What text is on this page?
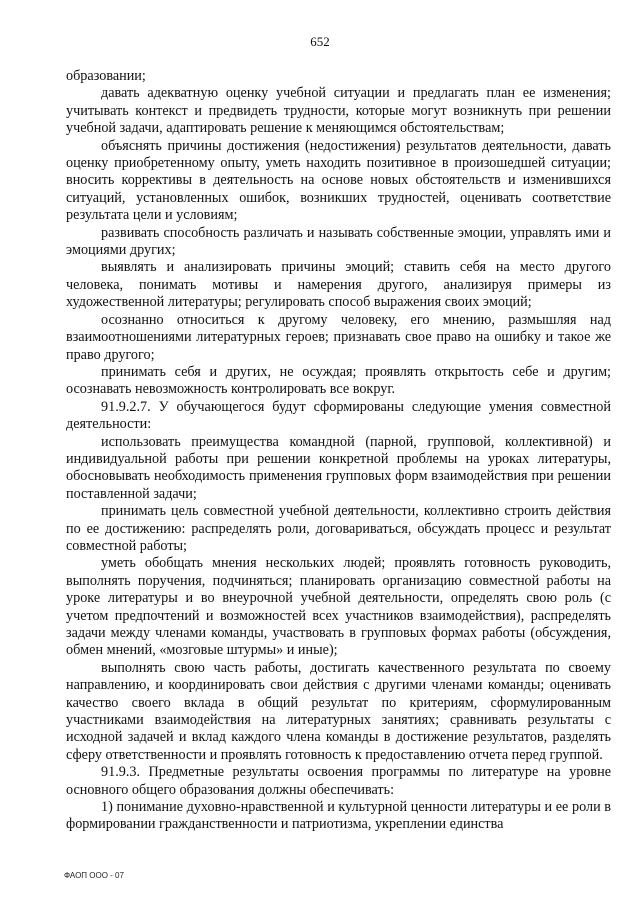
652

образовании;

давать адекватную оценку учебной ситуации и предлагать план ее изменения; учитывать контекст и предвидеть трудности, которые могут возникнуть при решении учебной задачи, адаптировать решение к меняющимся обстоятельствам;

объяснять причины достижения (недостижения) результатов деятельности, давать оценку приобретенному опыту, уметь находить позитивное в произошедшей ситуации; вносить коррективы в деятельность на основе новых обстоятельств и изменившихся ситуаций, установленных ошибок, возникших трудностей, оценивать соответствие результата цели и условиям;

развивать способность различать и называть собственные эмоции, управлять ими и эмоциями других;

выявлять и анализировать причины эмоций; ставить себя на место другого человека, понимать мотивы и намерения другого, анализируя примеры из художественной литературы; регулировать способ выражения своих эмоций;

осознанно относиться к другому человеку, его мнению, размышляя над взаимоотношениями литературных героев; признавать свое право на ошибку и такое же право другого;

принимать себя и других, не осуждая; проявлять открытость себе и другим; осознавать невозможность контролировать все вокруг.

91.9.2.7. У обучающегося будут сформированы следующие умения совместной деятельности:

использовать преимущества командной (парной, групповой, коллективной) и индивидуальной работы при решении конкретной проблемы на уроках литературы, обосновывать необходимость применения групповых форм взаимодействия при решении поставленной задачи;

принимать цель совместной учебной деятельности, коллективно строить действия по ее достижению: распределять роли, договариваться, обсуждать процесс и результат совместной работы;

уметь обобщать мнения нескольких людей; проявлять готовность руководить, выполнять поручения, подчиняться; планировать организацию совместной работы на уроке литературы и во внеурочной учебной деятельности, определять свою роль (с учетом предпочтений и возможностей всех участников взаимодействия), распределять задачи между членами команды, участвовать в групповых формах работы (обсуждения, обмен мнений, «мозговые штурмы» и иные);

выполнять свою часть работы, достигать качественного результата по своему направлению, и координировать свои действия с другими членами команды; оценивать качество своего вклада в общий результат по критериям, сформулированным участниками взаимодействия на литературных занятиях; сравнивать результаты с исходной задачей и вклад каждого члена команды в достижение результатов, разделять сферу ответственности и проявлять готовность к предоставлению отчета перед группой.

91.9.3. Предметные результаты освоения программы по литературе на уровне основного общего образования должны обеспечивать:

1) понимание духовно-нравственной и культурной ценности литературы и ее роли в формировании гражданственности и патриотизма, укреплении единства

ФАОП ООО - 07
